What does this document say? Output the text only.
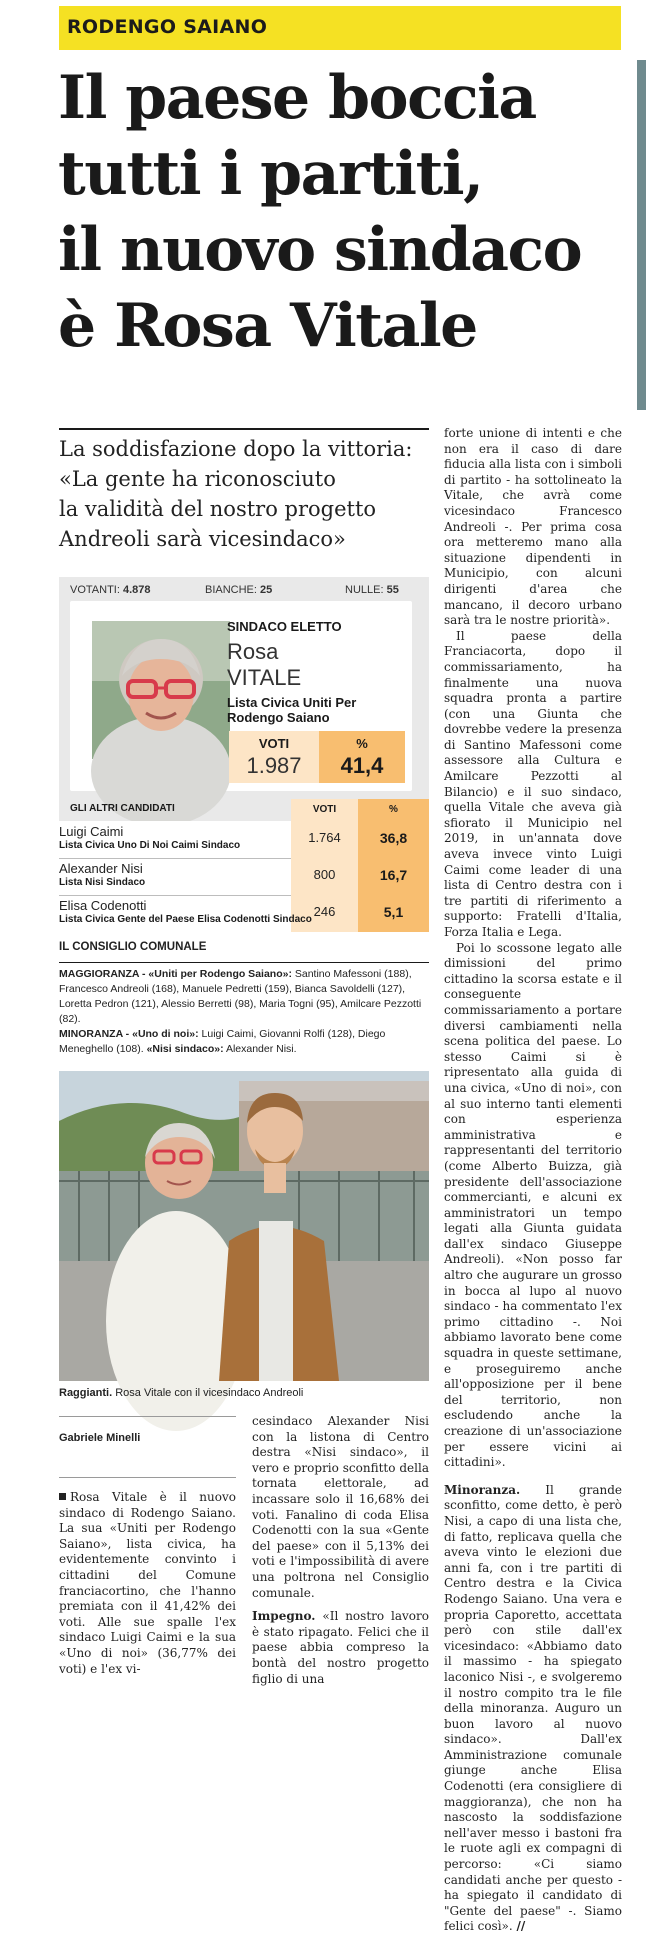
RODENGO SAIANO
Il paese boccia
tutti i partiti,
il nuovo sindaco
è Rosa Vitale
La soddisfazione dopo la vittoria:
«La gente ha riconosciuto
la validità del nostro progetto
Andreoli sarà vicesindaco»
VOTANTI: 4.878	BIANCHE: 25	NULLE: 55
SINDACO ELETTO
Rosa
VITALE
Lista Civica Uniti Per Rodengo Saiano
VOTI
1.987
%
41,4
VOTI	%
GLI ALTRI CANDIDATI
Luigi Caimi
Lista Civica Uno Di Noi Caimi Sindaco
1.764	36,8
Alexander Nisi
Lista Nisi Sindaco
800	16,7
Elisa Codenotti
Lista Civica Gente del Paese Elisa Codenotti Sindaco
246	5,1
IL CONSIGLIO COMUNALE
MAGGIORANZA - «Uniti per Rodengo Saiano»: Santino Mafessoni (188), Francesco Andreoli (168), Manuele Pedretti (159), Bianca Savoldelli (127), Loretta Pedron (121), Alessio Berretti (98), Maria Togni (95), Amilcare Pezzotti (82).
MINORANZA - «Uno di noi»: Luigi Caimi, Giovanni Rolfi (128), Diego Meneghello (108). «Nisi sindaco»: Alexander Nisi.
Raggianti. Rosa Vitale con il vicesindaco Andreoli
Gabriele Minelli

Rosa Vitale è il nuovo sindaco di Rodengo Saiano. La sua «Uniti per Rodengo Saiano», lista civica, ha evidentemente convinto i cittadini del Comune franciacortino, che l'hanno premiata con il 41,42% dei voti. Alle sue spalle l'ex sindaco Luigi Caimi e la sua «Uno di noi» (36,77% dei voti) e l'ex vi-

cesindaco Alexander Nisi con la listona di Centro destra «Nisi sindaco», il vero e proprio sconfitto della tornata elettorale, ad incassare solo il 16,68% dei voti. Fanalino di coda Elisa Codenotti con la sua «Gente del paese» con il 5,13% dei voti e l'impossibilità di avere una poltrona nel Consiglio comunale.

Impegno. «Il nostro lavoro è stato ripagato. Felici che il paese abbia compreso la bontà del nostro progetto figlio di una

forte unione di intenti e che non era il caso di dare fiducia alla lista con i simboli di partito - ha sottolineato la Vitale, che avrà come vicesindaco Francesco Andreoli -. Per prima cosa ora metteremo mano alla situazione dipendenti in Municipio, con alcuni dirigenti d'area che mancano, il decoro urbano sarà tra le nostre priorità».

Il paese della Franciacorta, dopo il commissariamento, ha finalmente una nuova squadra pronta a partire (con una Giunta che dovrebbe vedere la presenza di Santino Mafessoni come assessore alla Cultura e Amilcare Pezzotti al Bilancio) e il suo sindaco, quella Vitale che aveva già sfiorato il Municipio nel 2019, in un'annata dove aveva invece vinto Luigi Caimi come leader di una lista di Centro destra con i tre partiti di riferimento a supporto: Fratelli d'Italia, Forza Italia e Lega.

Poi lo scossone legato alle dimissioni del primo cittadino la scorsa estate e il conseguente commissariamento a portare diversi cambiamenti nella scena politica del paese. Lo stesso Caimi si è ripresentato alla guida di una civica, «Uno di noi», con al suo interno tanti elementi con esperienza amministrativa e rappresentanti del territorio (come Alberto Buizza, già presidente dell'associazione commercianti, e alcuni ex amministratori un tempo legati alla Giunta guidata dall'ex sindaco Giuseppe Andreoli). «Non posso far altro che augurare un grosso in bocca al lupo al nuovo sindaco - ha commentato l'ex primo cittadino -. Noi abbiamo lavorato bene come squadra in queste settimane, e proseguiremo anche all'opposizione per il bene del territorio, non escludendo anche la creazione di un'associazione per essere vicini ai cittadini».

Minoranza. Il grande sconfitto, come detto, è però Nisi, a capo di una lista che, di fatto, replicava quella che aveva vinto le elezioni due anni fa, con i tre partiti di Centro destra e la Civica Rodengo Saiano. Una vera e propria Caporetto, accettata però con stile dall'ex vicesindaco: «Abbiamo dato il massimo - ha spiegato laconico Nisi -, e svolgeremo il nostro compito tra le file della minoranza. Auguro un buon lavoro al nuovo sindaco». Dall'ex Amministrazione comunale giunge anche Elisa Codenotti (era consigliere di maggioranza), che non ha nascosto la soddisfazione nell'aver messo i bastoni fra le ruote agli ex compagni di percorso: «Ci siamo candidati anche per questo - ha spiegato il candidato di "Gente del paese" -. Siamo felici così». //
